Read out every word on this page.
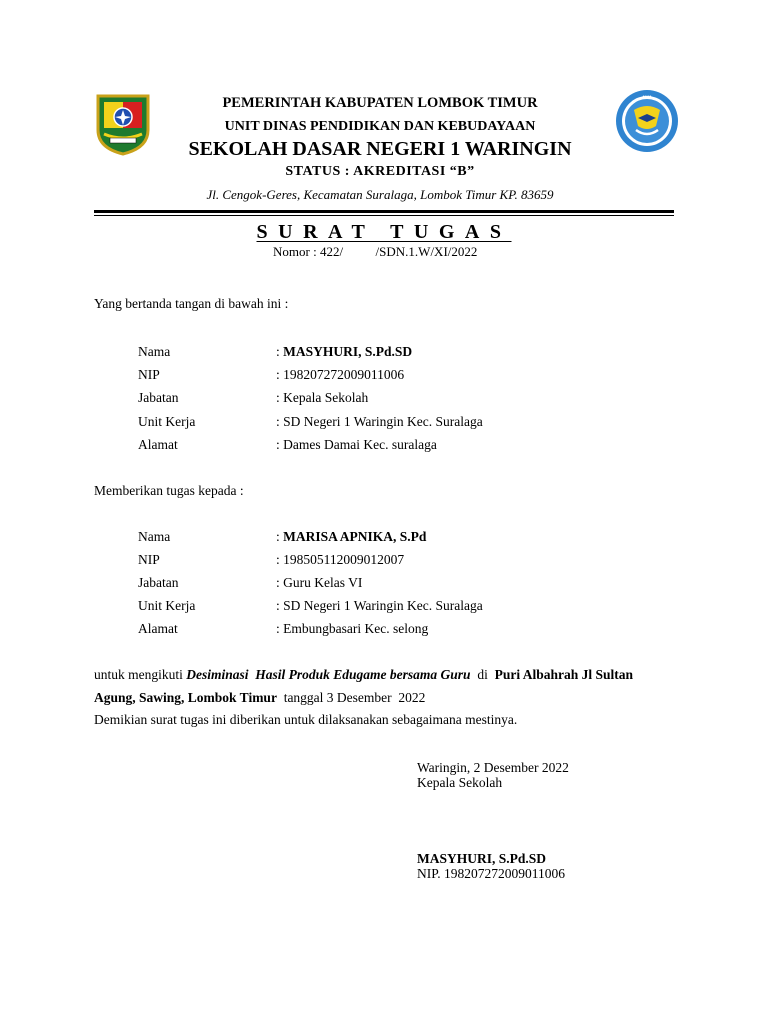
•••••
PEMERINTAH KABUPATEN LOMBOK TIMUR
UNIT DINAS PENDIDIKAN DAN KEBUDAYAAN
SEKOLAH DASAR NEGERI 1 WARINGIN
STATUS : AKREDITASI “B”
Jl. Cengok-Geres, Kecamatan Suralaga, Lombok Timur KP. 83659
SURAT TUGAS
Nomor : 422/          /SDN.1.W/XI/2022
Yang bertanda tangan di bawah ini :
Nama	: MASYHURI, S.Pd.SD
NIP	: 198207272009011006
Jabatan	: Kepala Sekolah
Unit Kerja	: SD Negeri 1 Waringin Kec. Suralaga
Alamat	: Dames Damai Kec. suralaga
Memberikan tugas kepada :
Nama	: MARISA APNIKA, S.Pd
NIP	: 198505112009012007
Jabatan	: Guru Kelas VI
Unit Kerja	: SD Negeri 1 Waringin Kec. Suralaga
Alamat	: Embungbasari Kec. selong
untuk mengikuti Desiminasi  Hasil Produk Edugame bersama Guru  di  Puri Albahrah Jl Sultan
Agung, Sawing, Lombok Timur  tanggal 3 Desember  2022
Demikian surat tugas ini diberikan untuk dilaksanakan sebagaimana mestinya.
Waringin, 2 Desember 2022
Kepala Sekolah
MASYHURI, S.Pd.SD
NIP. 198207272009011006
